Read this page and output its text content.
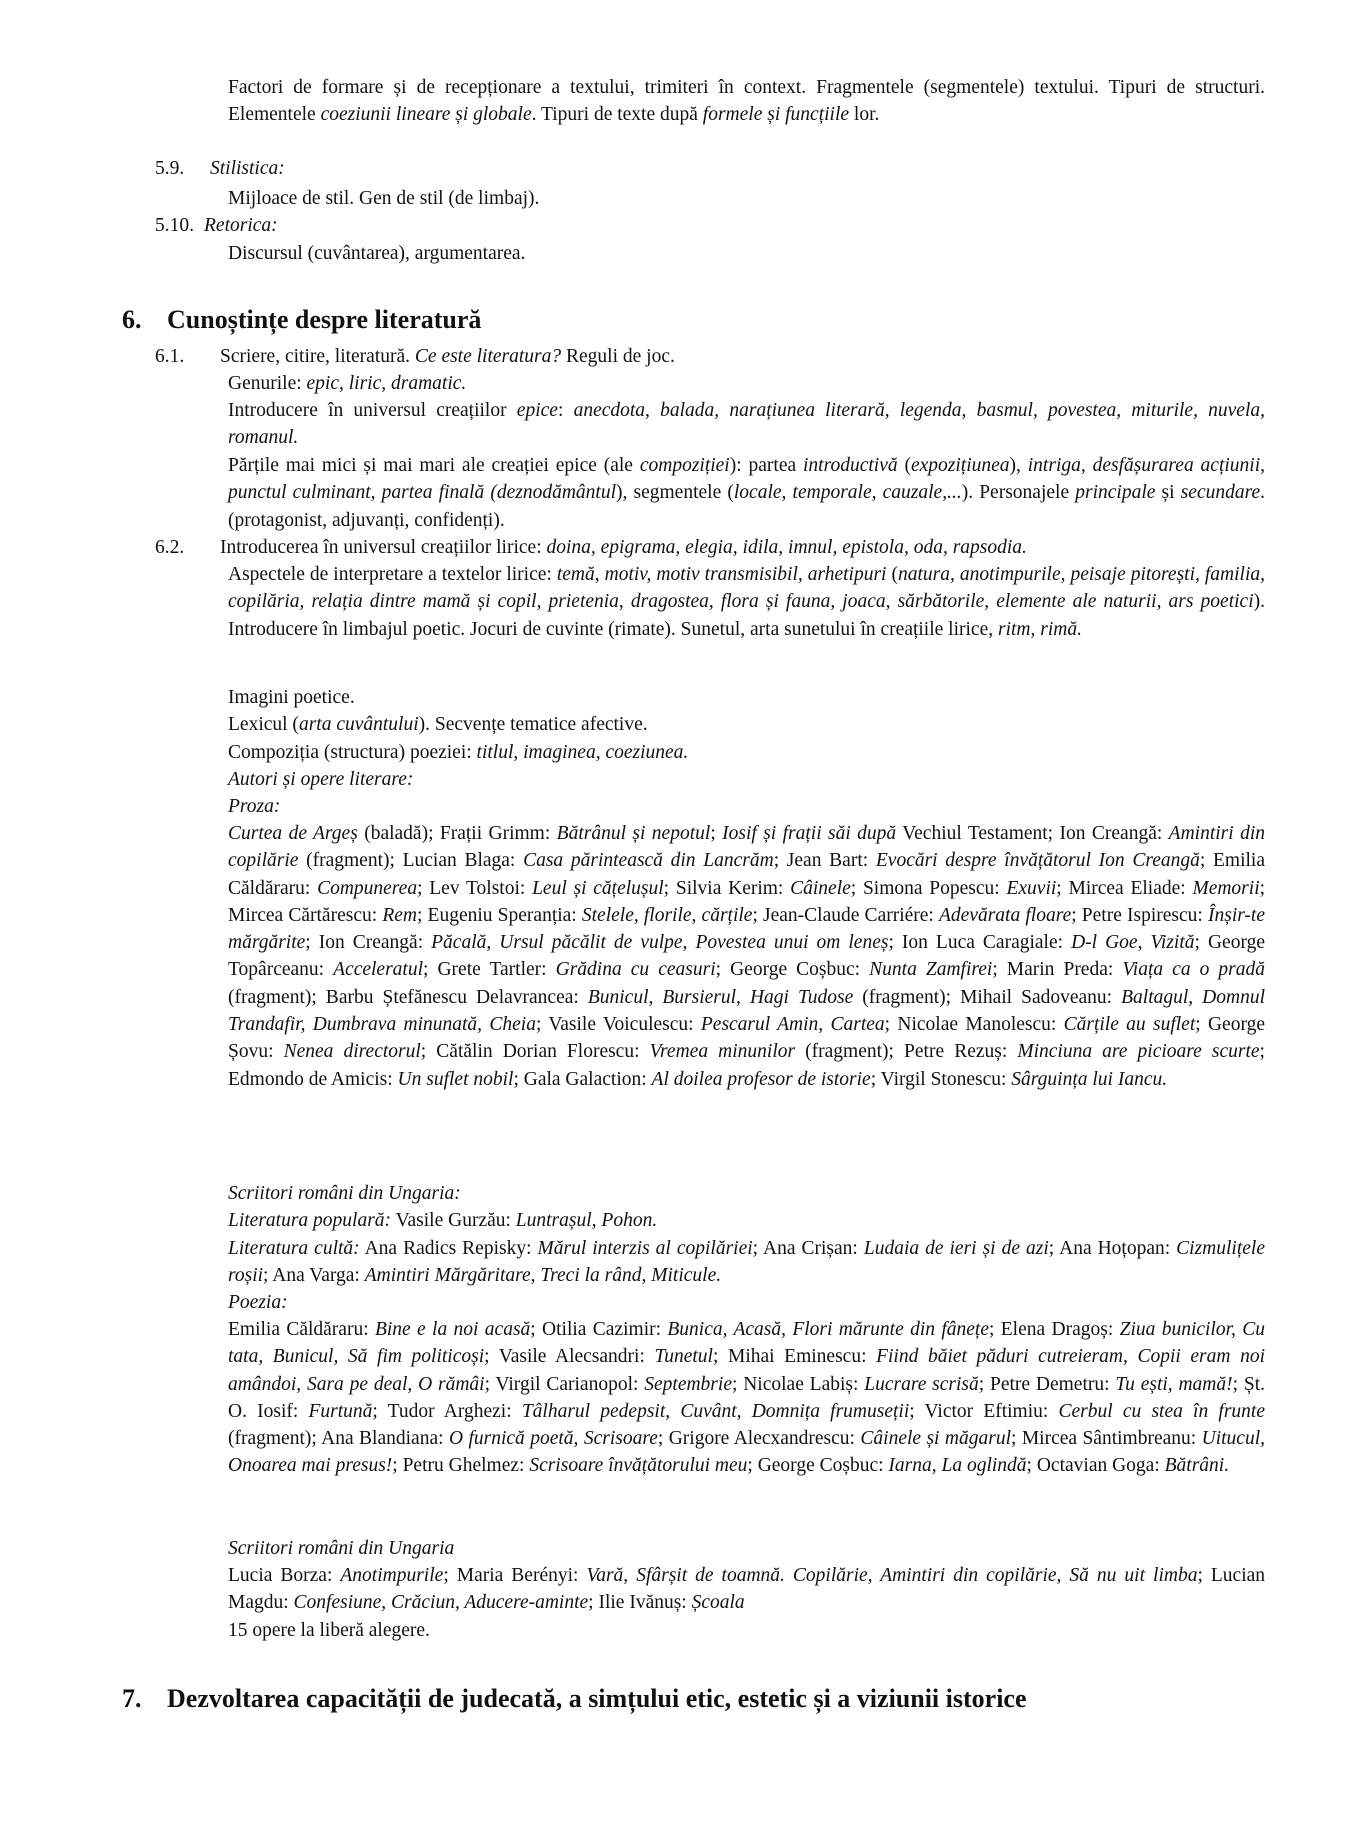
Factori de formare și de recepționare a textului, trimiteri în context. Fragmentele (segmentele) textului. Tipuri de structuri. Elementele coeziunii lineare și globale. Tipuri de texte după formele și funcțiile lor.
5.9. Stilistica:
Mijloace de stil. Gen de stil (de limbaj).
5.10. Retorica:
Discursul (cuvântarea), argumentarea.
6. Cunoștințe despre literatură
6.1. Scriere, citire, literatură. Ce este literatura? Reguli de joc.
Genurile: epic, liric, dramatic.
Introducere în universul creațiilor epice: anecdota, balada, narațiunea literară, legenda, basmul, povestea, miturile, nuvela, romanul.
Părțile mai mici și mai mari ale creației epice (ale compoziției): partea introductivă (expozițiunea), intriga, desfășurarea acțiunii, punctul culminant, partea finală (deznodământul), segmentele (locale, temporale, cauzale,...). Personajele principale și secundare. (protagonist, adjuvanți, confidenți).
6.2. Introducerea în universul creațiilor lirice: doina, epigrama, elegia, idila, imnul, epistola, oda, rapsodia.
Aspectele de interpretare a textelor lirice: temă, motiv, motiv transmisibil, arhetipuri (natura, anotimpurile, peisaje pitorești, familia, copilăria, relația dintre mamă și copil, prietenia, dragostea, flora și fauna, joaca, sărbătorile, elemente ale naturii, ars poetici). Introducere în limbajul poetic. Jocuri de cuvinte (rimate). Sunetul, arta sunetului în creațiile lirice, ritm, rimă.
Imagini poetice.
Lexicul (arta cuvântului). Secvențe tematice afective.
Compoziția (structura) poeziei: titlul, imaginea, coeziunea.
Autori și opere literare:
Proza:
Curtea de Argeș (baladă); Frații Grimm: Bătrânul și nepotul; Iosif și frații săi după Vechiul Testament; Ion Creangă: Amintiri din copilărie (fragment); Lucian Blaga: Casa părintească din Lancrăm; Jean Bart: Evocări despre învățătorul Ion Creangă; Emilia Căldăraru: Compunerea; Lev Tolstoi: Leul și cățelușul; Silvia Kerim: Câinele; Simona Popescu: Exuvii; Mircea Eliade: Memorii; Mircea Cărtărescu: Rem; Eugeniu Speranția: Stelele, florile, cărțile; Jean-Claude Carriére: Adevărata floare; Petre Ispirescu: Înșir-te mărgărite; Ion Creangă: Păcală, Ursul păcălit de vulpe, Povestea unui om leneș; Ion Luca Caragiale: D-l Goe, Vizită; George Topârceanu: Acceleratul; Grete Tartler: Grădina cu ceasuri; George Coșbuc: Nunta Zamfirei; Marin Preda: Viața ca o pradă (fragment); Barbu Ștefănescu Delavrancea: Bunicul, Bursierul, Hagi Tudose (fragment); Mihail Sadoveanu: Baltagul, Domnul Trandafir, Dumbrava minunată, Cheia; Vasile Voiculescu: Pescarul Amin, Cartea; Nicolae Manolescu: Cărțile au suflet; George Șovu: Nenea directorul; Cătălin Dorian Florescu: Vremea minunilor (fragment); Petre Rezuș: Minciuna are picioare scurte; Edmondo de Amicis: Un suflet nobil; Gala Galaction: Al doilea profesor de istorie; Virgil Stonescu: Sârguința lui Iancu.
Scriitori români din Ungaria:
Literatura populară: Vasile Gurzău: Luntrașul, Pohon.
Literatura cultă: Ana Radics Repisky: Mărul interzis al copilăriei; Ana Crișan: Ludaia de ieri și de azi; Ana Hoțopan: Cizmulițele roșii; Ana Varga: Amintiri Mărgăritare, Treci la rând, Miticule.
Poezia:
Emilia Căldăraru: Bine e la noi acasă; Otilia Cazimir: Bunica, Acasă, Flori mărunte din fânețe; Elena Dragoș: Ziua bunicilor, Cu tata, Bunicul, Să fim politicoși; Vasile Alecsandri: Tunetul; Mihai Eminescu: Fiind băiet păduri cutreieram, Copii eram noi amândoi, Sara pe deal, O rămâi; Virgil Carianopol: Septembrie; Nicolae Labiș: Lucrare scrisă; Petre Demetru: Tu ești, mamă!; Șt. O. Iosif: Furtună; Tudor Arghezi: Tâlharul pedepsit, Cuvânt, Domnița frumuseții; Victor Eftimiu: Cerbul cu stea în frunte (fragment); Ana Blandiana: O furnică poetă, Scrisoare; Grigore Alecxandrescu: Câinele și măgarul; Mircea Sântimbreanu: Uitucul, Onoarea mai presus!; Petru Ghelmez: Scrisoare învățătorului meu; George Coșbuc: Iarna, La oglindă; Octavian Goga: Bătrâni.
Scriitori români din Ungaria
Lucia Borza: Anotimpurile; Maria Berényi: Vară, Sfârșit de toamnă. Copilărie, Amintiri din copilărie, Să nu uit limba; Lucian Magdu: Confesiune, Crăciun, Aducere-aminte; Ilie Ivănuș: Școala
15 opere la liberă alegere.
7. Dezvoltarea capacității de judecată, a simțului etic, estetic și a viziunii istorice
